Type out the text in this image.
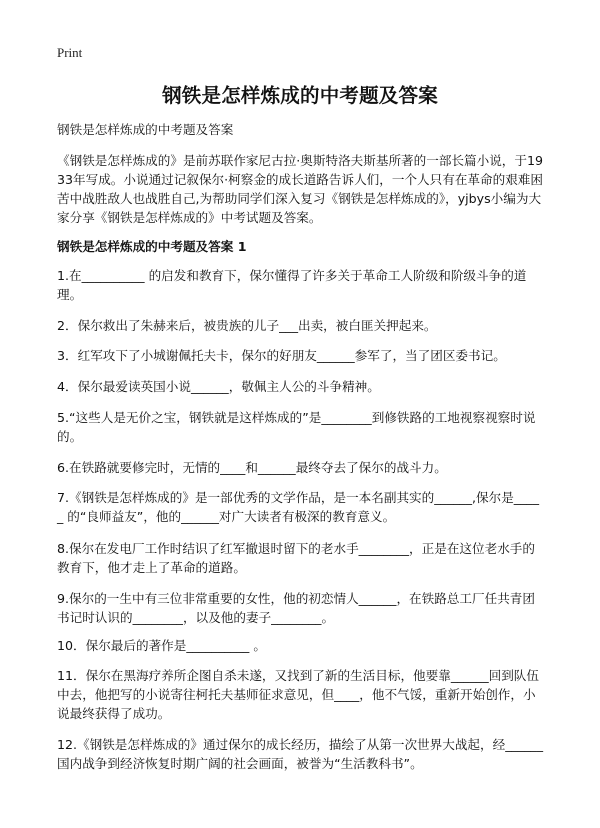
Print
钢铁是怎样炼成的中考题及答案
钢铁是怎样炼成的中考题及答案
《钢铁是怎样炼成的》是前苏联作家尼古拉·奥斯特洛夫斯基所著的一部长篇小说，于1933年写成。小说通过记叙保尔·柯察金的成长道路告诉人们，一个人只有在革命的艰难困苦中战胜敌人也战胜自己,为帮助同学们深入复习《钢铁是怎样炼成的》，yjbys小编为大家分享《钢铁是怎样炼成的》中考试题及答案。
钢铁是怎样炼成的中考题及答案 1
1.在__________ 的启发和教育下，保尔懂得了许多关于革命工人阶级和阶级斗争的道理。
2．保尔救出了朱赫来后，被贵族的儿子___出卖，被白匪关押起来。
3．红军攻下了小城谢佩托夫卡，保尔的好朋友______参军了，当了团区委书记。
4．保尔最爱读英国小说______，敬佩主人公的斗争精神。
5.“这些人是无价之宝，钢铁就是这样炼成的”是________到修铁路的工地视察视察时说的。
6.在铁路就要修完时，无情的____和______最终夺去了保尔的战斗力。
7.《钢铁是怎样炼成的》是一部优秀的文学作品，是一本名副其实的______,保尔是_____ 的“良师益友”，他的______对广大读者有极深的教育意义。
8.保尔在发电厂工作时结识了红军撤退时留下的老水手________，正是在这位老水手的教育下，他才走上了革命的道路。
9.保尔的一生中有三位非常重要的女性，他的初恋情人______，在铁路总工厂任共青团书记时认识的________，以及他的妻子________。
10．保尔最后的著作是__________ 。
11．保尔在黑海疗养所企图自杀未遂，又找到了新的生活目标，他要靠______回到队伍中去，他把写的小说寄往柯托夫基师征求意见，但____，他不气馁，重新开始创作，小说最终获得了成功。
12.《钢铁是怎样炼成的》通过保尔的成长经历，描绘了从第一次世界大战起，经______国内战争到经济恢复时期广阔的社会画面，被誉为“生活教科书”。
